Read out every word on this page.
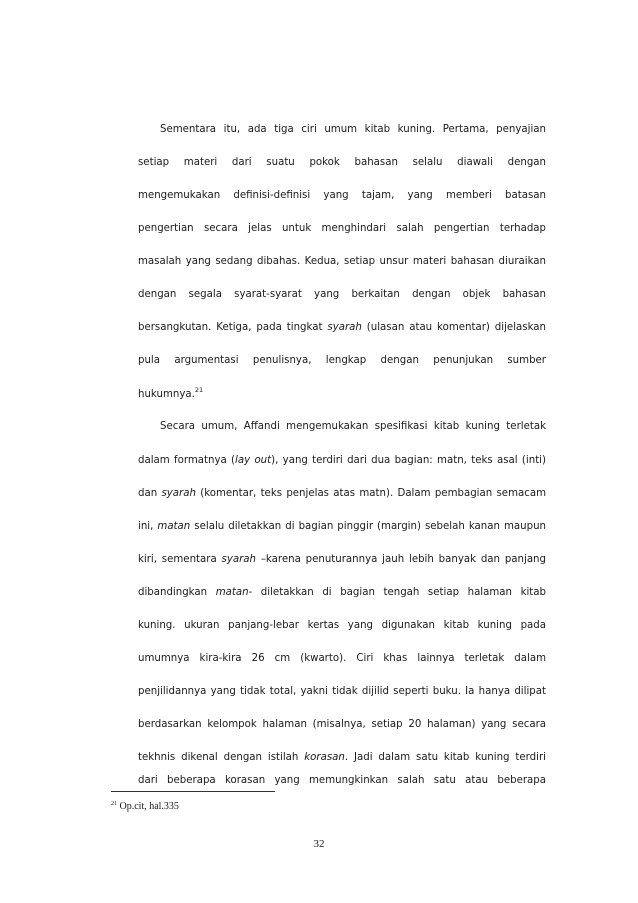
Sementara itu, ada tiga ciri umum kitab kuning. Pertama, penyajian
setiap materi dari suatu pokok bahasan selalu diawali dengan
mengemukakan definisi-definisi yang tajam, yang memberi batasan
pengertian secara jelas untuk menghindari salah pengertian terhadap
masalah yang sedang dibahas. Kedua, setiap unsur materi bahasan diuraikan
dengan segala syarat-syarat yang berkaitan dengan objek bahasan
bersangkutan. Ketiga, pada tingkat syarah (ulasan atau komentar) dijelaskan
pula argumentasi penulisnya, lengkap dengan penunjukan sumber
hukumnya.$^{21}$
Secara umum, Affandi mengemukakan spesifikasi kitab kuning terletak
dalam formatnya (lay out), yang terdiri dari dua bagian: matn, teks asal (inti)
dan syarah (komentar, teks penjelas atas matn). Dalam pembagian semacam
ini, matan selalu diletakkan di bagian pinggir (margin) sebelah kanan maupun
kiri, sementara syarah –karena penuturannya jauh lebih banyak dan panjang
dibandingkan matan- diletakkan di bagian tengah setiap halaman kitab
kuning. ukuran panjang-lebar kertas yang digunakan kitab kuning pada
umumnya kira-kira 26 cm (kwarto). Ciri khas lainnya terletak dalam
penjilidannya yang tidak total, yakni tidak dijilid seperti buku. Ia hanya dilipat
berdasarkan kelompok halaman (misalnya, setiap 20 halaman) yang secara
tekhnis dikenal dengan istilah korasan. Jadi dalam satu kitab kuning terdiri
dari beberapa korasan yang memungkinkan salah satu atau beberapa
$^{21}$ Op.cit, hal.335
32
